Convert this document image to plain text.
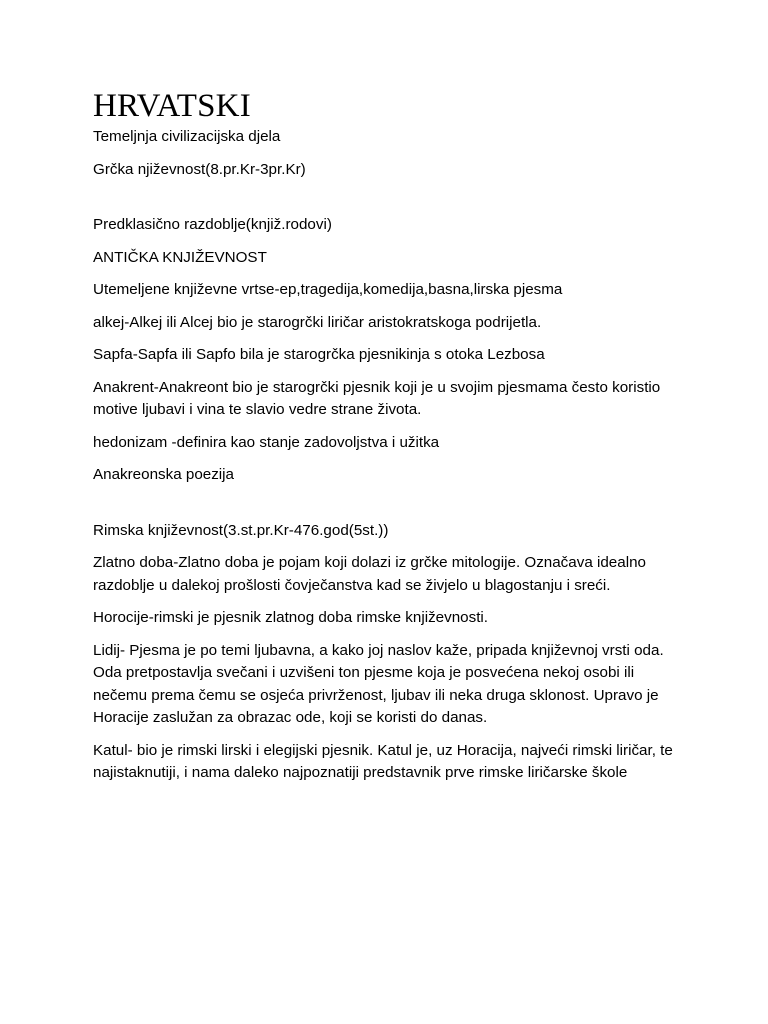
HRVATSKI

Temeljnja civilizacijska djela

Grčka njiževnost(8.pr.Kr-3pr.Kr)

Predklasično razdoblje(knjiž.rodovi)

ANTIČKA KNJIŽEVNOST

Utemeljene književne vrtse-ep,tragedija,komedija,basna,lirska pjesma

alkej-Alkej ili Alcej bio je starogrčki liričar aristokratskoga podrijetla.

Sapfa-Sapfa ili Sapfo bila je starogrčka pjesnikinja s otoka Lezbosa

Anakrent-Anakreont bio je starogrčki pjesnik koji je u svojim pjesmama često koristio motive ljubavi i vina te slavio vedre strane života.

hedonizam -definira kao stanje zadovoljstva i užitka

Anakreonska poezija

Rimska književnost(3.st.pr.Kr-476.god(5st.))

Zlatno doba-Zlatno doba je pojam koji dolazi iz grčke mitologije. Označava idealno razdoblje u dalekoj prošlosti čovječanstva kad se živjelo u blagostanju i sreći.

Horocije-rimski je pjesnik zlatnog doba rimske književnosti.

Lidij- Pjesma je po temi ljubavna, a kako joj naslov kaže, pripada književnoj vrsti oda. Oda pretpostavlja svečani i uzvišeni ton pjesme koja je posvećena nekoj osobi ili nečemu prema čemu se osjeća privrženost, ljubav ili neka druga sklonost. Upravo je Horacije zaslužan za obrazac ode, koji se koristi do danas.

Katul- bio je rimski lirski i elegijski pjesnik. Katul je, uz Horacija, najveći rimski liričar, te najistaknutiji, i nama daleko najpoznatiji predstavnik prve rimske liričarske škole
